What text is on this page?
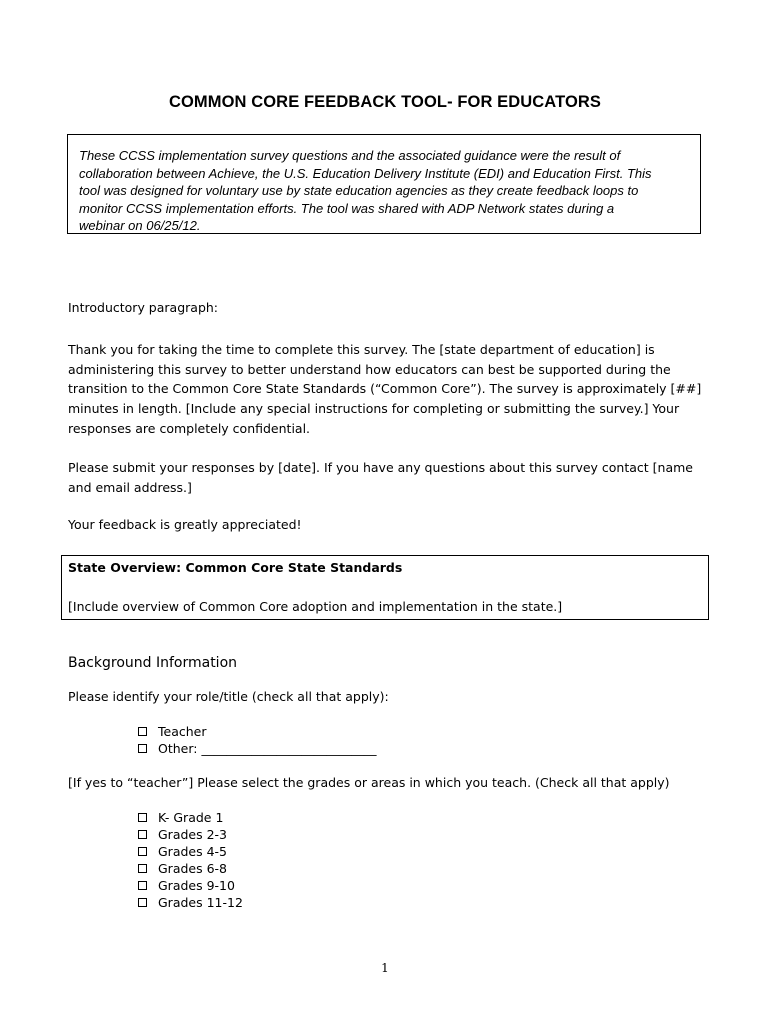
COMMON CORE FEEDBACK TOOL- FOR EDUCATORS
These CCSS implementation survey questions and the associated guidance were the result of
collaboration between Achieve, the U.S. Education Delivery Institute (EDI) and Education First. This
tool was designed for voluntary use by state education agencies as they create feedback loops to
monitor CCSS implementation efforts. The tool was shared with ADP Network states during a
webinar on 06/25/12.
Introductory paragraph:
Thank you for taking the time to complete this survey. The [state department of education] is
administering this survey to better understand how educators can best be supported during the
transition to the Common Core State Standards (“Common Core”). The survey is approximately [##]
minutes in length. [Include any special instructions for completing or submitting the survey.] Your
responses are completely confidential.
Please submit your responses by [date]. If you have any questions about this survey contact [name
and email address.]
Your feedback is greatly appreciated!
State Overview: Common Core State Standards
[Include overview of Common Core adoption and implementation in the state.]
Background Information
Please identify your role/title (check all that apply):
Teacher
Other: ____________________________
[If yes to “teacher”] Please select the grades or areas in which you teach. (Check all that apply)
K- Grade 1
Grades 2-3
Grades 4-5
Grades 6-8
Grades 9-10
Grades 11-12
1
